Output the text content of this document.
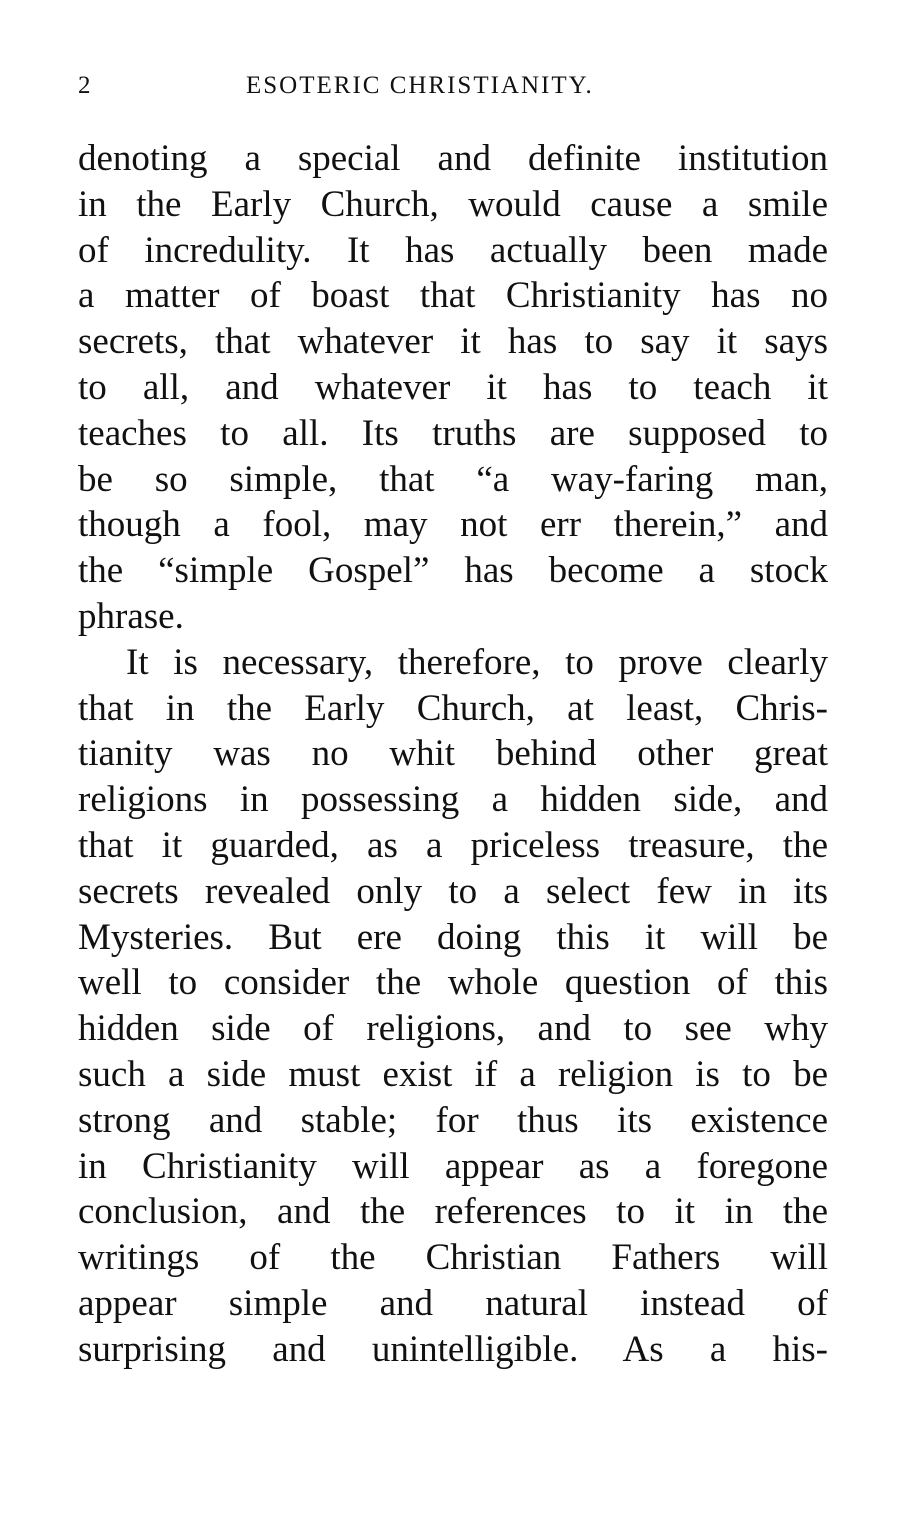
2	ESOTERIC CHRISTIANITY.
denoting a special and definite institution
in the Early Church, would cause a smile
of incredulity. It has actually been made
a matter of boast that Christianity has no
secrets, that whatever it has to say it says
to all, and whatever it has to teach it
teaches to all. Its truths are supposed to
be so simple, that “a way-faring man,
though a fool, may not err therein,” and
the “simple Gospel” has become a stock
phrase.
It is necessary, therefore, to prove clearly
that in the Early Church, at least, Chris-
tianity was no whit behind other great
religions in possessing a hidden side, and
that it guarded, as a priceless treasure, the
secrets revealed only to a select few in its
Mysteries. But ere doing this it will be
well to consider the whole question of this
hidden side of religions, and to see why
such a side must exist if a religion is to be
strong and stable; for thus its existence
in Christianity will appear as a foregone
conclusion, and the references to it in the
writings of the Christian Fathers will
appear simple and natural instead of
surprising and unintelligible. As a his-
